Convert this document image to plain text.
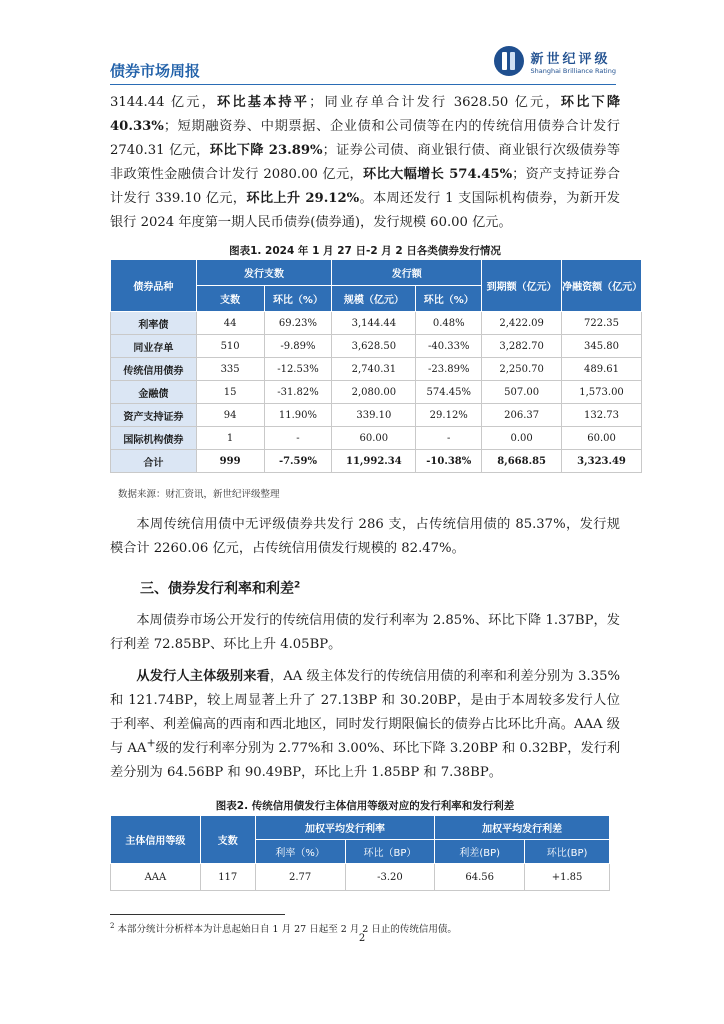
债券市场周报
新世纪评级
Shanghai Brilliance Rating
3144.44 亿元，环比基本持平；同业存单合计发行 3628.50 亿元，环比下降 40.33%；短期融资券、中期票据、企业债和公司债等在内的传统信用债券合计发行 2740.31 亿元，环比下降 23.89%；证券公司债、商业银行债、商业银行次级债券等非政策性金融债合计发行 2080.00 亿元，环比大幅增长 574.45%；资产支持证券合计发行 339.10 亿元，环比上升 29.12%。本周还发行 1 支国际机构债券，为新开发银行 2024 年度第一期人民币债券(债券通)，发行规模 60.00 亿元。
图表1. 2024 年 1 月 27 日-2 月 2 日各类债券发行情况
债券品种	发行支数		发行额		到期额（亿元）	净融资额（亿元）
	支数	环比（%）	规模（亿元）	环比（%）		
利率债	44	69.23%	3,144.44	0.48%	2,422.09	722.35
同业存单	510	-9.89%	3,628.50	-40.33%	3,282.70	345.80
传统信用债券	335	-12.53%	2,740.31	-23.89%	2,250.70	489.61
金融债	15	-31.82%	2,080.00	574.45%	507.00	1,573.00
资产支持证券	94	11.90%	339.10	29.12%	206.37	132.73
国际机构债券	1	-	60.00	-	0.00	60.00
合计	999	-7.59%	11,992.34	-10.38%	8,668.85	3,323.49
数据来源：财汇资讯，新世纪评级整理
本周传统信用债中无评级债券共发行 286 支，占传统信用债的 85.37%，发行规模合计 2260.06 亿元，占传统信用债发行规模的 82.47%。
三、债券发行利率和利差$^2$
本周债券市场公开发行的传统信用债的发行利率为 2.85%、环比下降 1.37BP，发行利差 72.85BP、环比上升 4.05BP。
从发行人主体级别来看，AA 级主体发行的传统信用债的利率和利差分别为 3.35%和 121.74BP，较上周显著上升了 27.13BP 和 30.20BP，是由于本周较多发行人位于利率、利差偏高的西南和西北地区，同时发行期限偏长的债券占比环比升高。AAA 级与 AA+级的发行利率分别为 2.77%和 3.00%、环比下降 3.20BP 和 0.32BP，发行利差分别为 64.56BP 和 90.49BP，环比上升 1.85BP 和 7.38BP。
图表2. 传统信用债发行主体信用等级对应的发行利率和发行利差
主体信用等级	支数	加权平均发行利率		加权平均发行利差	
		利率（%）	环比（BP）	利差(BP)	环比(BP)
AAA	117	2.77	-3.20	64.56	+1.85
$^2$ 本部分统计分析样本为计息起始日自 1 月 27 日起至 2 月 2 日止的传统信用债。
2
